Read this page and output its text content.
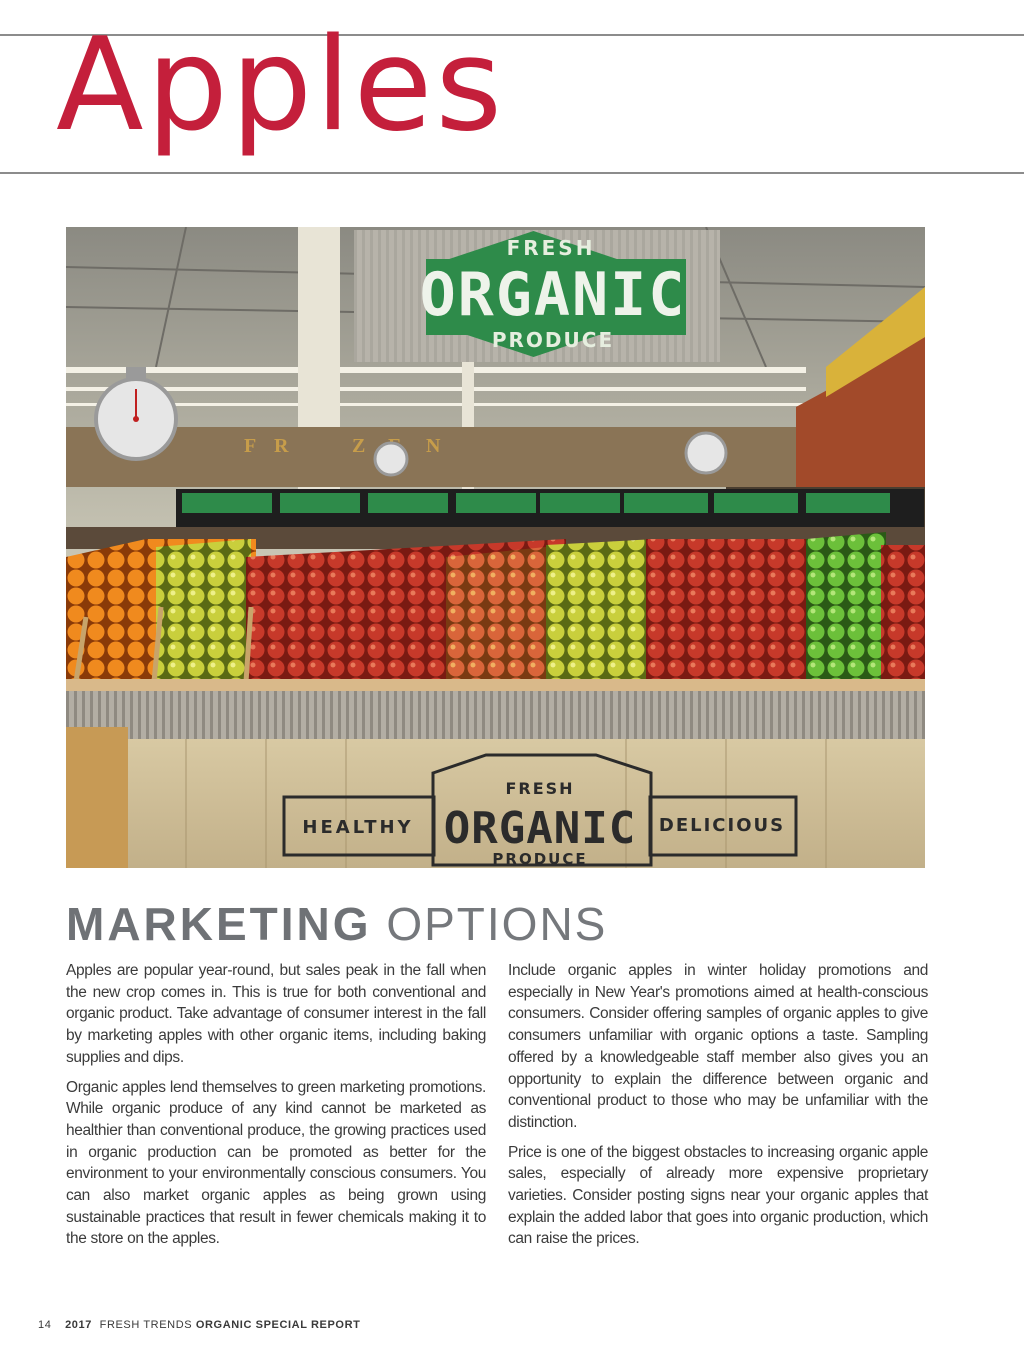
Apples
F R	Z	N
FRESH
ORGANIC
PRODUCE
HEALTHY	DELICIOUS
FRESH
ORGANIC
PRODUCE
MARKETING OPTIONS

Apples are popular year-round, but sales peak in the fall when the new crop comes in. This is true for both conventional and organic product. Take advantage of consumer interest in the fall by marketing apples with other organic items, including baking supplies and dips.

Organic apples lend themselves to green marketing promotions. While organic produce of any kind cannot be marketed as healthier than conventional produce, the growing practices used in organic production can be promoted as better for the environment to your environmentally conscious consumers. You can also market organic apples as being grown using sustainable practices that result in fewer chemicals making it to the store on the apples.

Include organic apples in winter holiday promotions and especially in New Year's promotions aimed at health-conscious consumers. Consider offering samples of organic apples to give consumers unfamiliar with organic options a taste. Sampling offered by a knowledgeable staff member also gives you an opportunity to explain the difference between organic and conventional product to those who may be unfamiliar with the distinction.

Price is one of the biggest obstacles to increasing organic apple sales, especially of already more expensive proprietary varieties. Consider posting signs near your organic apples that explain the added labor that goes into organic production, which can raise the prices.

14 2017 FRESH TRENDS ORGANIC SPECIAL REPORT
